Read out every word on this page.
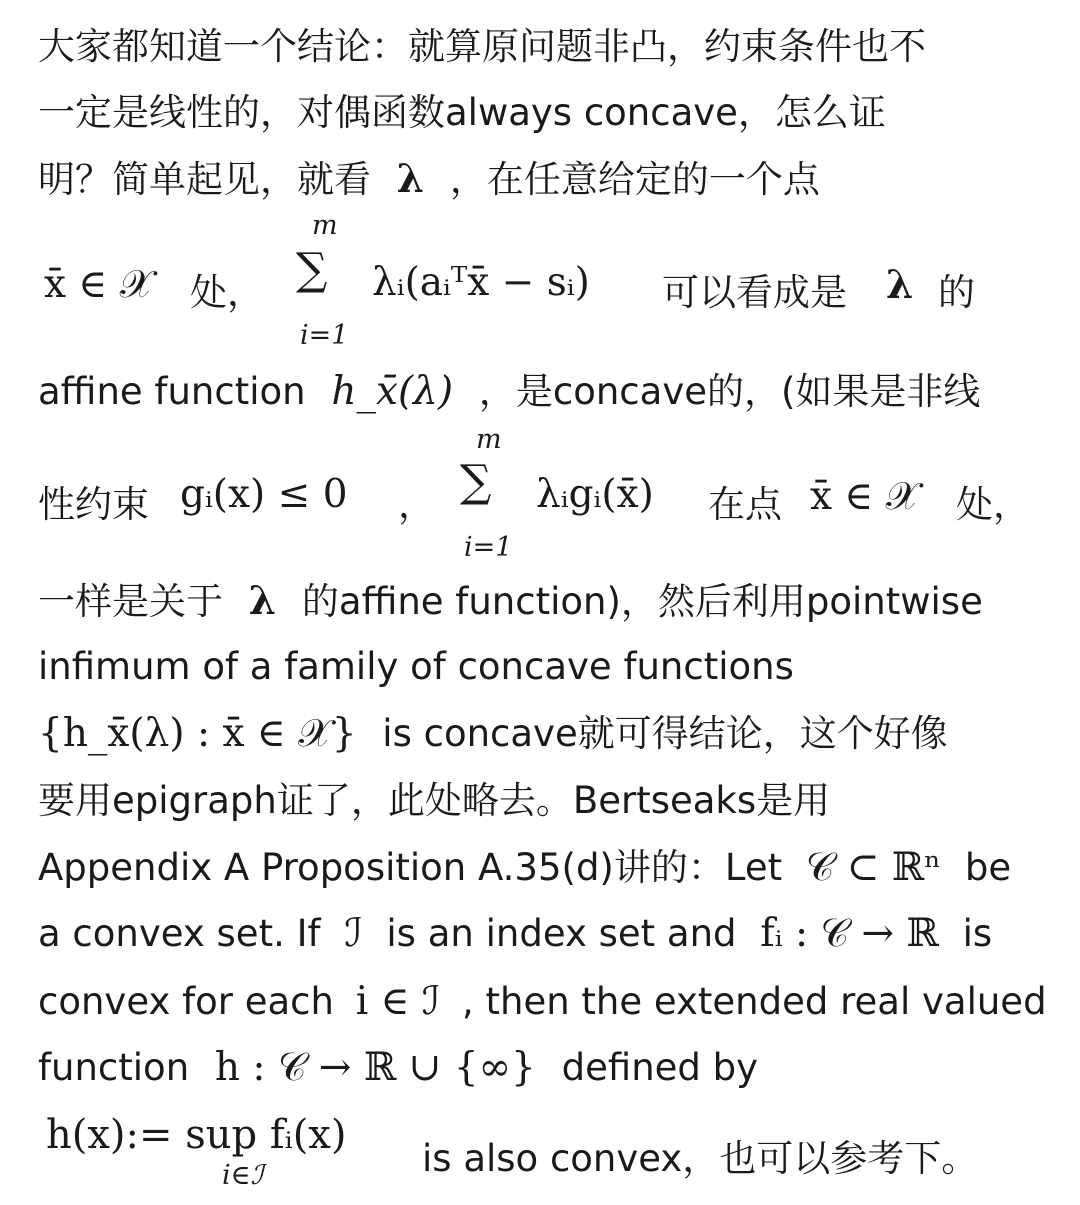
大家都知道一个结论：就算原问题非凸，约束条件也不
一定是线性的，对偶函数always concave，怎么证
明？简单起见，就看 λ ，在任意给定的一个点
x̄ ∈ 𝒳 处，
m
∑
i=1
λᵢ(aᵢᵀx̄ − sᵢ) 可以看成是 λ 的
affine function h_x̄(λ) ，是concave的，(如果是非线
性约束 gᵢ(x) ≤ 0 ，
m
∑
i=1
λᵢgᵢ(x̄) 在点 x̄ ∈ 𝒳 处，
一样是关于 λ 的affine function)，然后利用pointwise
infimum of a family of concave functions
{h_x̄(λ) : x̄ ∈ 𝒳} is concave就可得结论，这个好像
要用epigraph证了，此处略去。Bertseaks是用
Appendix A Proposition A.35(d)讲的：Let 𝒞 ⊂ ℝⁿ be
a convex set. If ℐ is an index set and fᵢ : 𝒞 → ℝ is
convex for each i ∈ ℐ , then the extended real valued
function h : 𝒞 → ℝ ∪ {∞} defined by
h(x):= sup fᵢ(x)
i∈ℐ	is also convex，也可以参考下。
